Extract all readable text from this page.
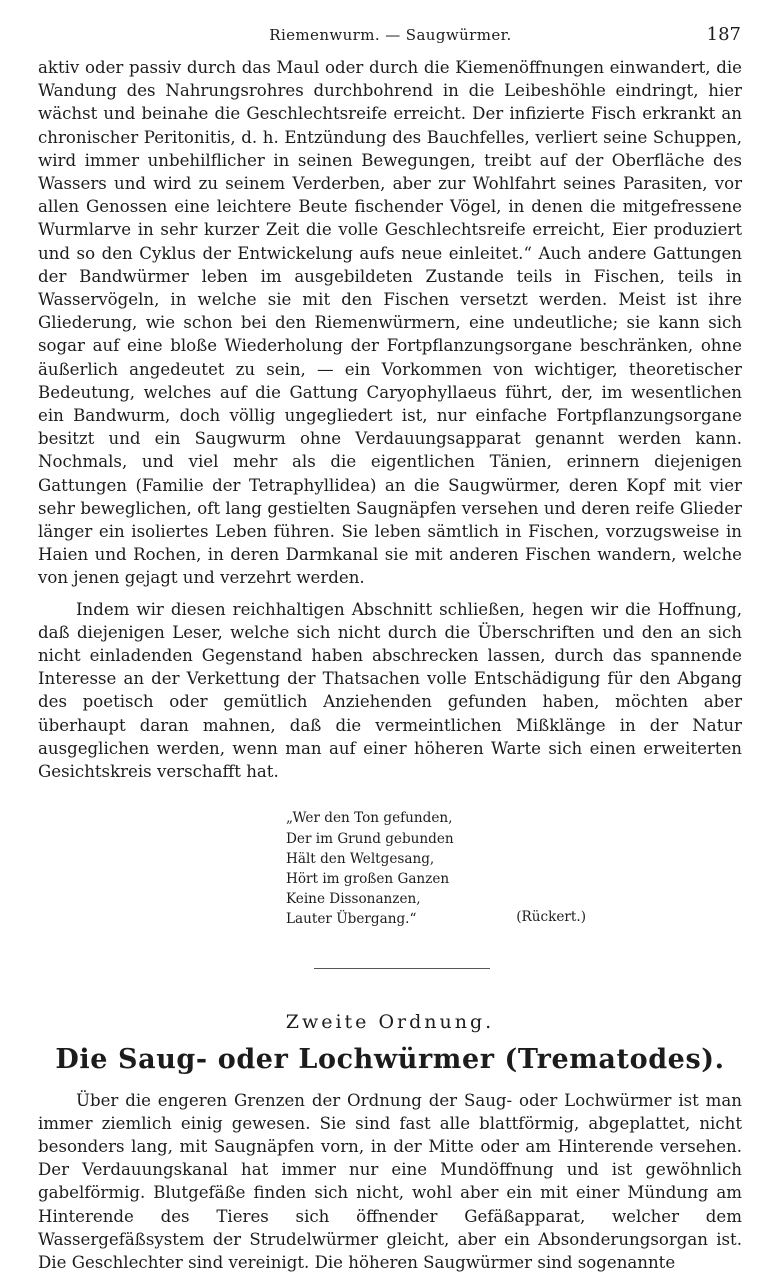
Riemenwurm. — Saugwürmer.	187

aktiv oder passiv durch das Maul oder durch die Kiemenöffnungen einwandert, die Wandung des Nahrungsrohres durchbohrend in die Leibeshöhle eindringt, hier wächst und beinahe die Geschlechtsreife erreicht. Der infizierte Fisch erkrankt an chronischer Peritonitis, d. h. Entzündung des Bauchfelles, verliert seine Schuppen, wird immer unbehilflicher in seinen Bewegungen, treibt auf der Oberfläche des Wassers und wird zu seinem Verderben, aber zur Wohlfahrt seines Parasiten, vor allen Genossen eine leichtere Beute fischender Vögel, in denen die mitgefressene Wurmlarve in sehr kurzer Zeit die volle Geschlechtsreife erreicht, Eier produziert und so den Cyklus der Entwickelung aufs neue einleitet.“ Auch andere Gattungen der Bandwürmer leben im ausgebildeten Zustande teils in Fischen, teils in Wasservögeln, in welche sie mit den Fischen versetzt werden. Meist ist ihre Gliederung, wie schon bei den Riemenwürmern, eine undeutliche; sie kann sich sogar auf eine bloße Wiederholung der Fortpflanzungsorgane beschränken, ohne äußerlich angedeutet zu sein, — ein Vorkommen von wichtiger, theoretischer Bedeutung, welches auf die Gattung Caryophyllaeus führt, der, im wesentlichen ein Bandwurm, doch völlig ungegliedert ist, nur einfache Fortpflanzungsorgane besitzt und ein Saugwurm ohne Verdauungsapparat genannt werden kann. Nochmals, und viel mehr als die eigentlichen Tänien, erinnern diejenigen Gattungen (Familie der Tetraphyllidea) an die Saugwürmer, deren Kopf mit vier sehr beweglichen, oft lang gestielten Saugnäpfen versehen und deren reife Glieder länger ein isoliertes Leben führen. Sie leben sämtlich in Fischen, vorzugsweise in Haien und Rochen, in deren Darmkanal sie mit anderen Fischen wandern, welche von jenen gejagt und verzehrt werden.

Indem wir diesen reichhaltigen Abschnitt schließen, hegen wir die Hoffnung, daß diejenigen Leser, welche sich nicht durch die Überschriften und den an sich nicht einladenden Gegenstand haben abschrecken lassen, durch das spannende Interesse an der Verkettung der Thatsachen volle Entschädigung für den Abgang des poetisch oder gemütlich Anziehenden gefunden haben, möchten aber überhaupt daran mahnen, daß die vermeintlichen Mißklänge in der Natur ausgeglichen werden, wenn man auf einer höheren Warte sich einen erweiterten Gesichtskreis verschafft hat.

„Wer den Ton gefunden,
Der im Grund gebunden
Hält den Weltgesang,
Hört im großen Ganzen
Keine Dissonanzen,
Lauter Übergang.“	(Rückert.)
Zweite Ordnung.
Die Saug- oder Lochwürmer (Trematodes).

Über die engeren Grenzen der Ordnung der Saug- oder Lochwürmer ist man immer ziemlich einig gewesen. Sie sind fast alle blattförmig, abgeplattet, nicht besonders lang, mit Saugnäpfen vorn, in der Mitte oder am Hinterende versehen. Der Verdauungskanal hat immer nur eine Mundöffnung und ist gewöhnlich gabelförmig. Blutgefäße finden sich nicht, wohl aber ein mit einer Mündung am Hinterende des Tieres sich öffnender Gefäßapparat, welcher dem Wassergefäßsystem der Strudelwürmer gleicht, aber ein Absonderungsorgan ist. Die Geschlechter sind vereinigt. Die höheren Saugwürmer sind sogenannte
